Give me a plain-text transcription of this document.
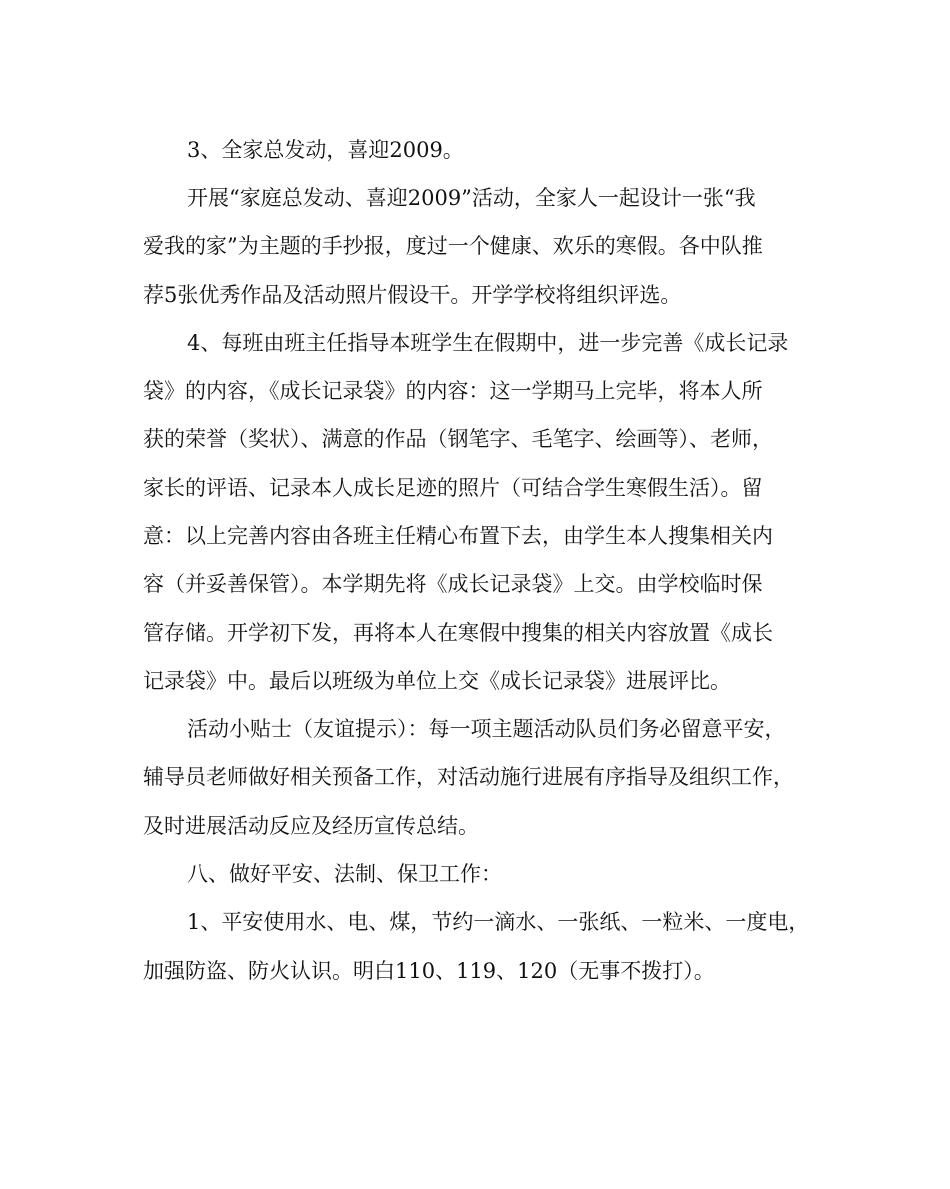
3、全家总发动，喜迎2009。
开展“家庭总发动、喜迎2009”活动，全家人一起设计一张“我
爱我的家”为主题的手抄报，度过一个健康、欢乐的寒假。各中队推
荐5张优秀作品及活动照片假设干。开学学校将组织评选。
4、每班由班主任指导本班学生在假期中，进一步完善《成长记录
袋》的内容，《成长记录袋》的内容：这一学期马上完毕，将本人所
获的荣誉（奖状）、满意的作品（钢笔字、毛笔字、绘画等）、老师，
家长的评语、记录本人成长足迹的照片（可结合学生寒假生活）。留
意：以上完善内容由各班主任精心布置下去，由学生本人搜集相关内
容（并妥善保管）。本学期先将《成长记录袋》上交。由学校临时保
管存储。开学初下发，再将本人在寒假中搜集的相关内容放置《成长
记录袋》中。最后以班级为单位上交《成长记录袋》进展评比。
活动小贴士（友谊提示）：每一项主题活动队员们务必留意平安，
辅导员老师做好相关预备工作，对活动施行进展有序指导及组织工作，
及时进展活动反应及经历宣传总结。
八、做好平安、法制、保卫工作：
1、平安使用水、电、煤，节约一滴水、一张纸、一粒米、一度电，
加强防盗、防火认识。明白110、119、120（无事不拨打）。
